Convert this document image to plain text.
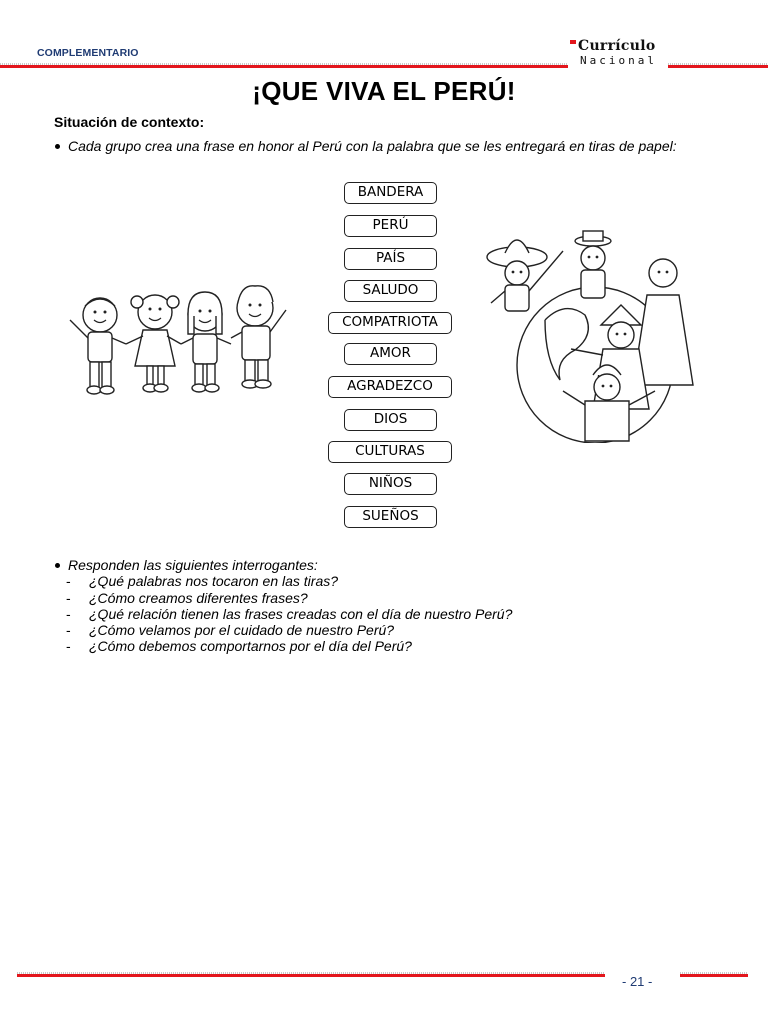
COMPLEMENTARIO	Currículo
Nacional
¡QUE VIVA EL PERÚ!
Situación de contexto:
Cada grupo crea una frase en honor al Perú con la palabra que se les entregará en tiras de papel:
BANDERA
PERÚ
PAÍS
SALUDO
COMPATRIOTA
AMOR
AGRADEZCO
DIOS
CULTURAS
NIÑOS
SUEÑOS
Responden las siguientes interrogantes:
- ¿Qué palabras nos tocaron en las tiras?
- ¿Cómo creamos diferentes frases?
- ¿Qué relación tienen las frases creadas con el día de nuestro Perú?
- ¿Cómo velamos por el cuidado de nuestro Perú?
- ¿Cómo debemos comportarnos por el día del Perú?
- 21 -
